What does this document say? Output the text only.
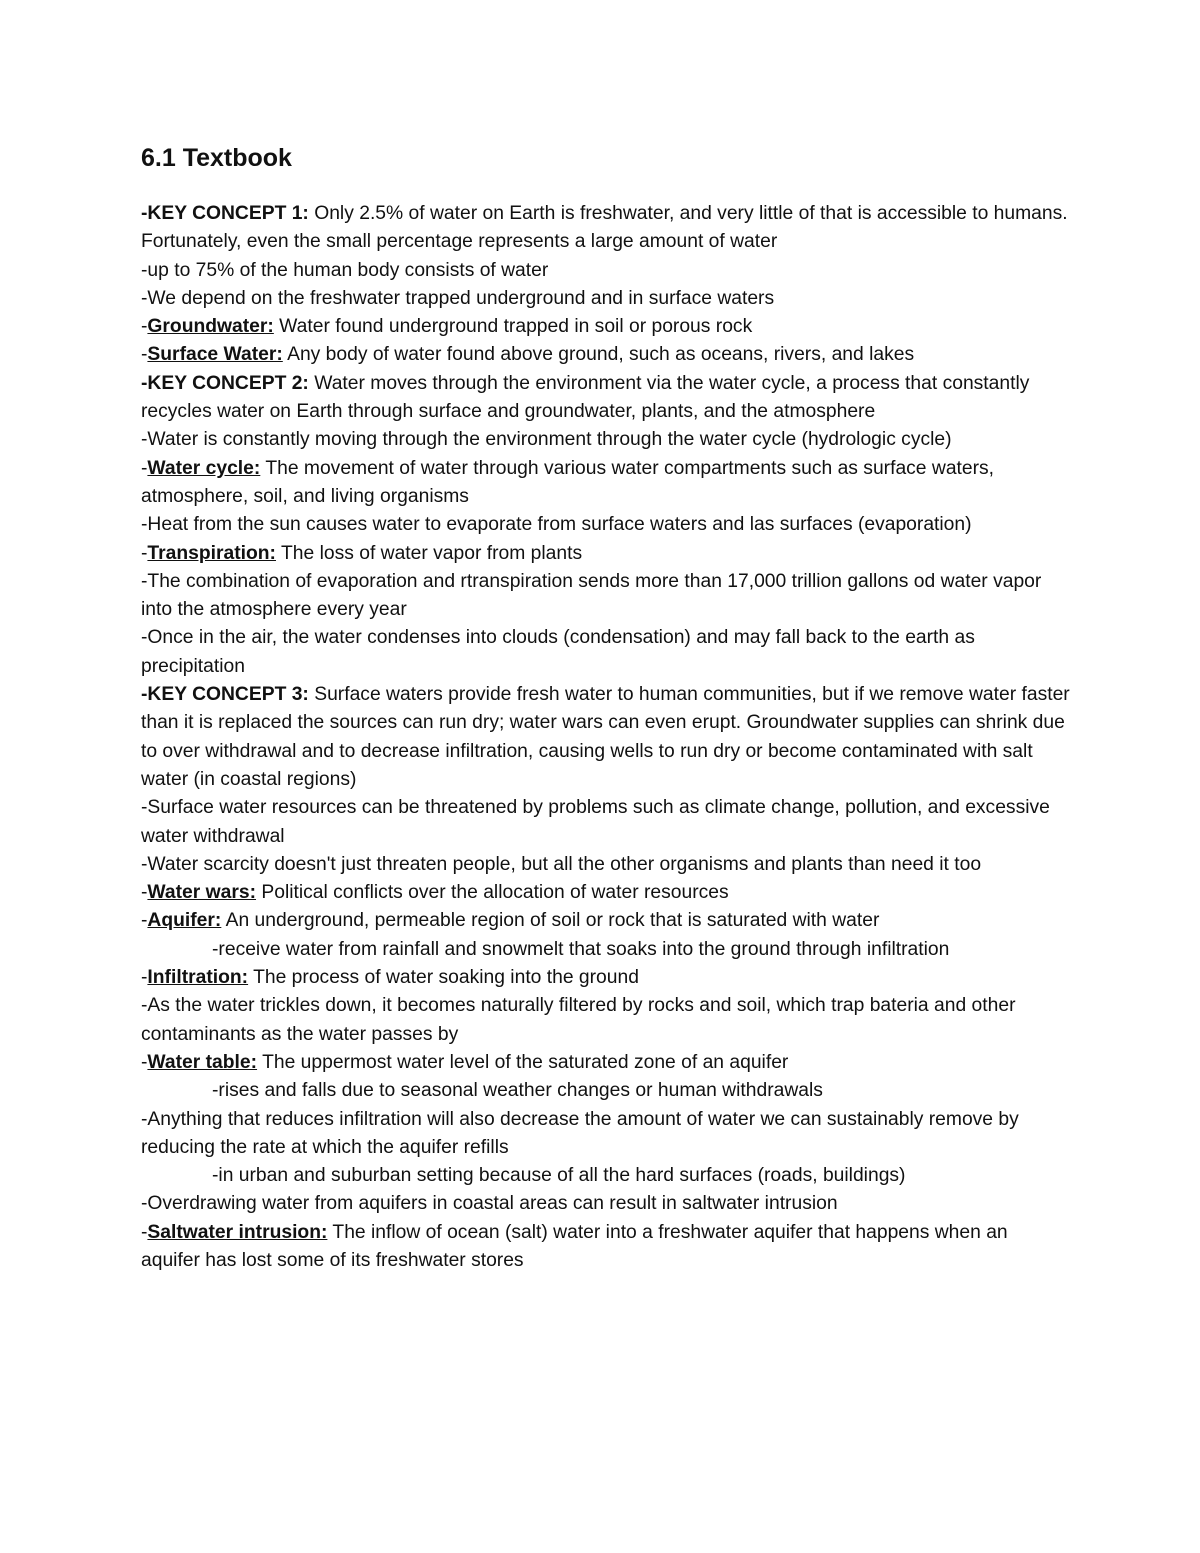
6.1 Textbook

-KEY CONCEPT 1: Only 2.5% of water on Earth is freshwater, and very little of that is accessible to humans. Fortunately, even the small percentage represents a large amount of water

-up to 75% of the human body consists of water

-We depend on the freshwater trapped underground and in surface waters

-Groundwater: Water found underground trapped in soil or porous rock

-Surface Water: Any body of water found above ground, such as oceans, rivers, and lakes

-KEY CONCEPT 2: Water moves through the environment via the water cycle, a process that constantly recycles water on Earth through surface and groundwater, plants, and the atmosphere

-Water is constantly moving through the environment through the water cycle (hydrologic cycle)

-Water cycle: The movement of water through various water compartments such as surface waters, atmosphere, soil, and living organisms

-Heat from the sun causes water to evaporate from surface waters and las surfaces (evaporation)

-Transpiration: The loss of water vapor from plants

-The combination of evaporation and rtranspiration sends more than 17,000 trillion gallons od water vapor into the atmosphere every year

-Once in the air, the water condenses into clouds (condensation) and may fall back to the earth as precipitation

-KEY CONCEPT 3: Surface waters provide fresh water to human communities, but if we remove water faster than it is replaced the sources can run dry; water wars can even erupt. Groundwater supplies can shrink due to over withdrawal and to decrease infiltration, causing wells to run dry or become contaminated with salt water (in coastal regions)

-Surface water resources can be threatened by problems such as climate change, pollution, and excessive water withdrawal

-Water scarcity doesn't just threaten people, but all the other organisms and plants than need it too

-Water wars: Political conflicts over the allocation of water resources

-Aquifer: An underground, permeable region of soil or rock that is saturated with water

-receive water from rainfall and snowmelt that soaks into the ground through infiltration

-Infiltration: The process of water soaking into the ground

-As the water trickles down, it becomes naturally filtered by rocks and soil, which trap bateria and other contaminants as the water passes by

-Water table: The uppermost water level of the saturated zone of an aquifer

-rises and falls due to seasonal weather changes or human withdrawals

-Anything that reduces infiltration will also decrease the amount of water we can sustainably remove by reducing the rate at which the aquifer refills

-in urban and suburban setting because of all the hard surfaces (roads, buildings)

-Overdrawing water from aquifers in coastal areas can result in saltwater intrusion

-Saltwater intrusion: The inflow of ocean (salt) water into a freshwater aquifer that happens when an aquifer has lost some of its freshwater stores
